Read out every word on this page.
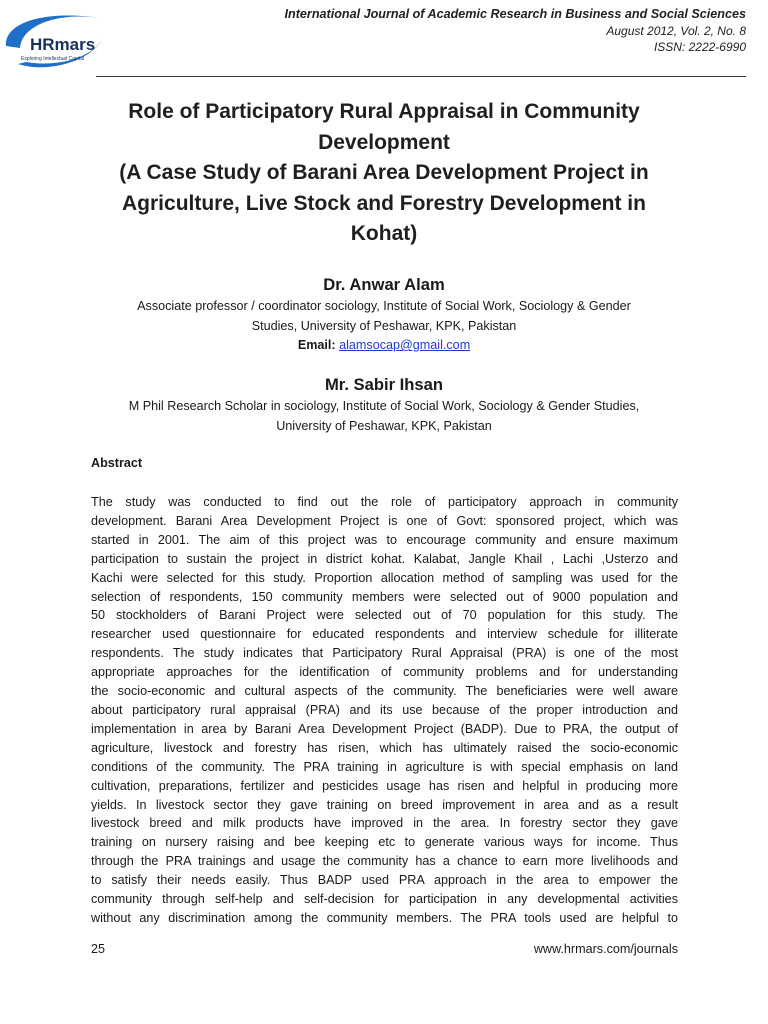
HRmars
Exploring Intellectual Capital
International Journal of Academic Research in Business and Social Sciences
August 2012, Vol. 2, No. 8
ISSN: 2222-6990
Role of Participatory Rural Appraisal in Community
Development
(A Case Study of Barani Area Development Project in
Agriculture, Live Stock and Forestry Development in
Kohat)
Dr. Anwar Alam
Associate professor / coordinator sociology, Institute of Social Work, Sociology & Gender
Studies, University of Peshawar, KPK, Pakistan
Email: alamsocap@gmail.com
Mr. Sabir Ihsan
M Phil Research Scholar in sociology, Institute of Social Work, Sociology & Gender Studies,
University of Peshawar, KPK, Pakistan
Abstract
The study was conducted to find out the role of participatory approach in community
development. Barani Area Development Project is one of Govt: sponsored project, which was
started in 2001. The aim of this project was to encourage community and ensure maximum
participation to sustain the project in district kohat. Kalabat, Jangle Khail , Lachi ,Usterzo and
Kachi were selected for this study. Proportion allocation method of sampling was used for the
selection of respondents, 150 community members were selected out of 9000 population and
50 stockholders of Barani Project were selected out of 70 population for this study. The
researcher used questionnaire for educated respondents and interview schedule for illiterate
respondents. The study indicates that Participatory Rural Appraisal (PRA) is one of the most
appropriate approaches for the identification of community problems and for understanding
the socio-economic and cultural aspects of the community. The beneficiaries were well aware
about participatory rural appraisal (PRA) and its use because of the proper introduction and
implementation in area by Barani Area Development Project (BADP). Due to PRA, the output of
agriculture, livestock and forestry has risen, which has ultimately raised the socio-economic
conditions of the community. The PRA training in agriculture is with special emphasis on land
cultivation, preparations, fertilizer and pesticides usage has risen and helpful in producing more
yields. In livestock sector they gave training on breed improvement in area and as a result
livestock breed and milk products have improved in the area. In forestry sector they gave
training on nursery raising and bee keeping etc to generate various ways for income. Thus
through the PRA trainings and usage the community has a chance to earn more livelihoods and
to satisfy their needs easily. Thus BADP used PRA approach in the area to empower the
community through self-help and self-decision for participation in any developmental activities
without any discrimination among the community members. The PRA tools used are helpful to
25	www.hrmars.com/journals
